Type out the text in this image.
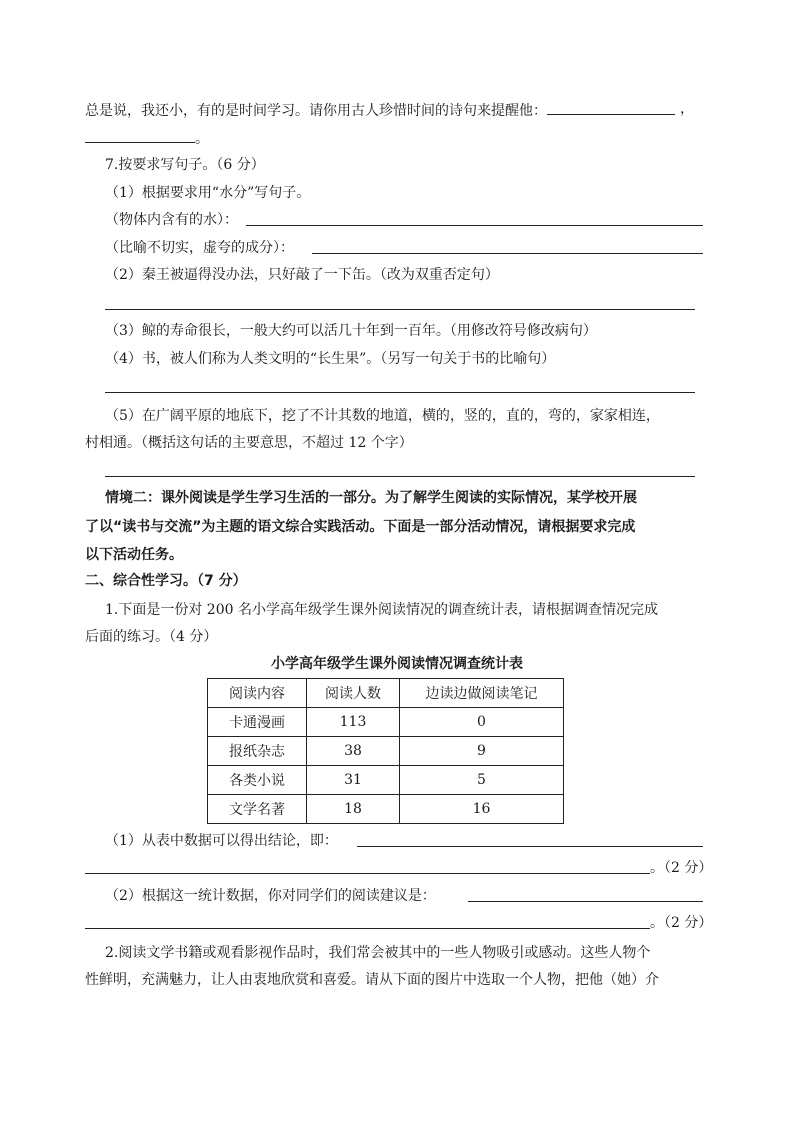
总是说，我还小，有的是时间学习。请你用古人珍惜时间的诗句来提醒他：	，
。
7.按要求写句子。（6 分）
（1）根据要求用“水分”写句子。
（物体内含有的水）：
（比喻不切实，虚夸的成分）：
（2）秦王被逼得没办法，只好敲了一下缶。（改为双重否定句）
（3）鲸的寿命很长，一般大约可以活几十年到一百年。（用修改符号修改病句）
（4）书，被人们称为人类文明的“长生果”。（另写一句关于书的比喻句）
（5）在广阔平原的地底下，挖了不计其数的地道，横的，竖的，直的，弯的，家家相连，
村相通。（概括这句话的主要意思，不超过 12 个字）
情境二：课外阅读是学生学习生活的一部分。为了解学生阅读的实际情况，某学校开展
了以“读书与交流”为主题的语文综合实践活动。下面是一部分活动情况，请根据要求完成
以下活动任务。
二、综合性学习。（7 分）
1.下面是一份对 200 名小学高年级学生课外阅读情况的调查统计表，请根据调查情况完成
后面的练习。（4 分）
小学高年级学生课外阅读情况调查统计表
阅读内容	阅读人数	边读边做阅读笔记
卡通漫画	113	0
报纸杂志	38	9
各类小说	31	5
文学名著	18	16
（1）从表中数据可以得出结论，即：
。（2 分）
（2）根据这一统计数据，你对同学们的阅读建议是：
。（2 分）
2.阅读文学书籍或观看影视作品时，我们常会被其中的一些人物吸引或感动。这些人物个
性鲜明，充满魅力，让人由衷地欣赏和喜爱。请从下面的图片中选取一个人物，把他（她）介
